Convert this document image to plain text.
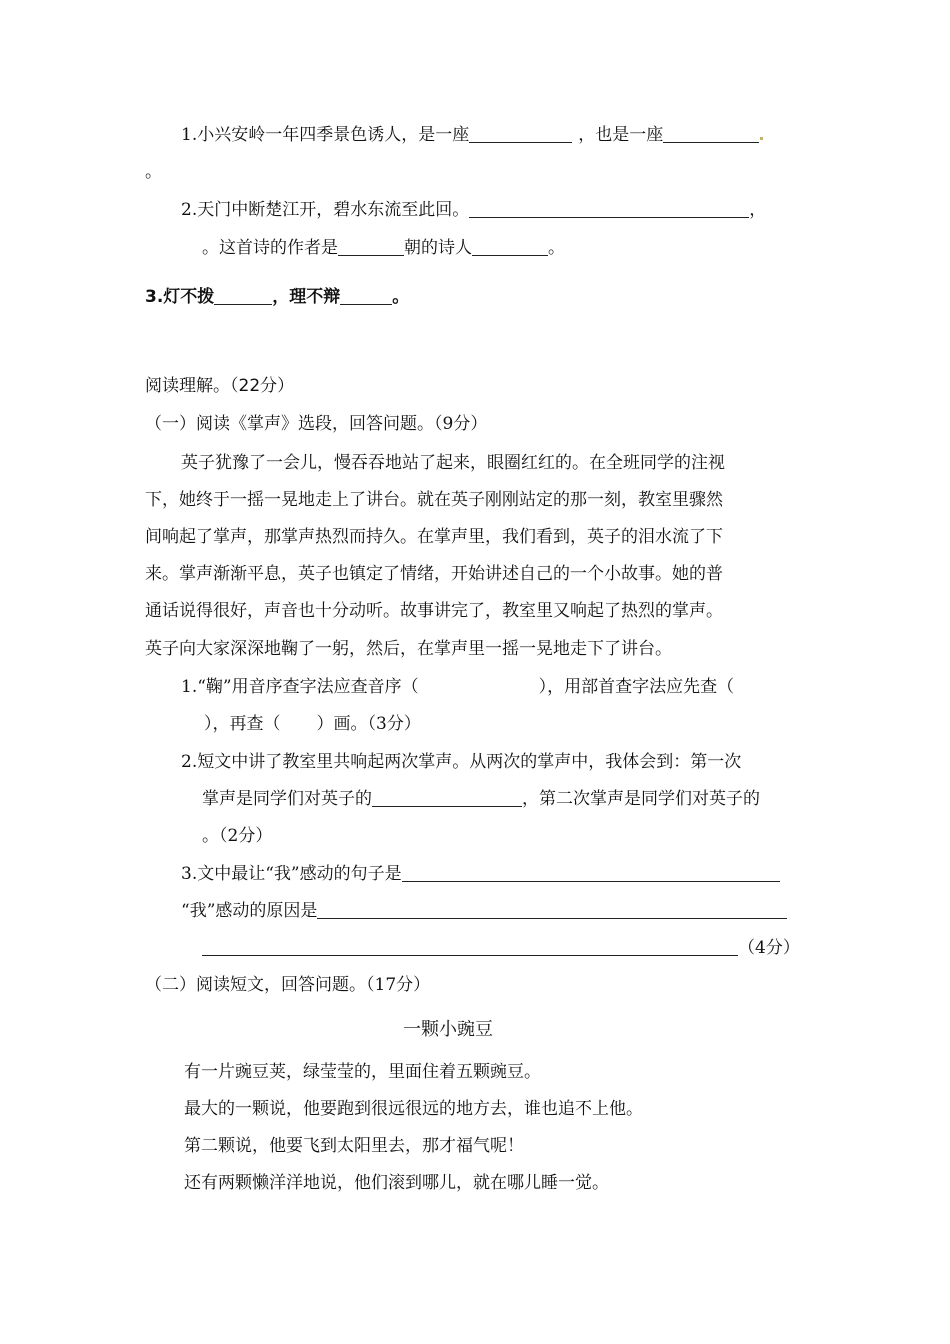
1.小兴安岭一年四季景色诱人，是一座	，也是一座
。
2.天门中断楚江开，碧水东流至此回。	，
。这首诗的作者是	朝的诗人	。
3.灯不拨	，理不辩	。
阅读理解。（22分）
（一）阅读《掌声》选段，回答问题。（9分）
英子犹豫了一会儿，慢吞吞地站了起来，眼圈红红的。在全班同学的注视
下，她终于一摇一晃地走上了讲台。就在英子刚刚站定的那一刻，教室里骤然
间响起了掌声，那掌声热烈而持久。在掌声里，我们看到，英子的泪水流了下
来。掌声渐渐平息，英子也镇定了情绪，开始讲述自己的一个小故事。她的普
通话说得很好，声音也十分动听。故事讲完了，教室里又响起了热烈的掌声。
英子向大家深深地鞠了一躬，然后，在掌声里一摇一晃地走下了讲台。
1.“鞠”用音序查字法应查音序（	），用部首查字法应先查（
），再查（ ）画。（3分）
2.短文中讲了教室里共响起两次掌声。从两次的掌声中，我体会到：第一次
掌声是同学们对英子的	，第二次掌声是同学们对英子的
。（2分）
3.文中最让“我”感动的句子是
“我”感动的原因是
（4分）
（二）阅读短文，回答问题。（17分）
一颗小豌豆
有一片豌豆荚，绿莹莹的，里面住着五颗豌豆。
最大的一颗说，他要跑到很远很远的地方去，谁也追不上他。
第二颗说，他要飞到太阳里去，那才福气呢！
还有两颗懒洋洋地说，他们滚到哪儿，就在哪儿睡一觉。
